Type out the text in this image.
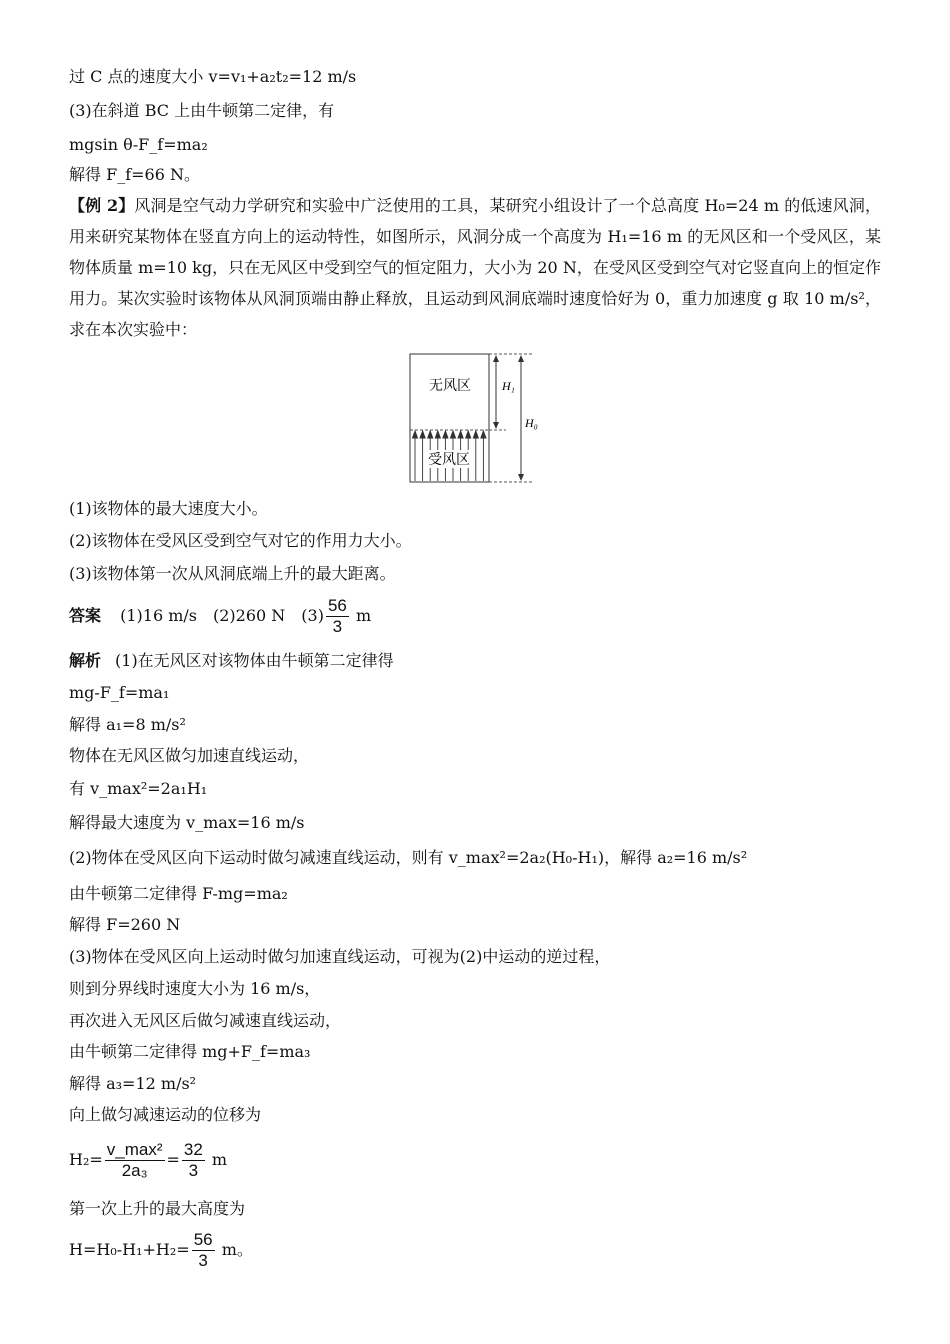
过 C 点的速度大小 v=v₁+a₂t₂=12 m/s
(3)在斜道 BC 上由牛顿第二定律，有
mgsin θ-F_f=ma₂
解得 F_f=66 N。
【例 2】风洞是空气动力学研究和实验中广泛使用的工具，某研究小组设计了一个总高度 H₀=24 m 的低速风洞，用来研究某物体在竖直方向上的运动特性，如图所示，风洞分成一个高度为 H₁=16 m 的无风区和一个受风区，某物体质量 m=10 kg，只在无风区中受到空气的恒定阻力，大小为 20 N，在受风区受到空气对它竖直向上的恒定作用力。某次实验时该物体从风洞顶端由静止释放，且运动到风洞底端时速度恰好为 0，重力加速度 g 取 10 m/s²，求在本次实验中：
无风区
受风区
H₁
H₀
(1)该物体的最大速度大小。
(2)该物体在受风区受到空气对它的作用力大小。
(3)该物体第一次从风洞底端上升的最大距离。
答案 (1)16 m/s　(2)260 N　$(3) \frac{56}{3}$ m
解析 (1)在无风区对该物体由牛顿第二定律得
mg-F_f=ma₁
解得 a₁=8 m/s²
物体在无风区做匀加速直线运动，
有 v_max²=2a₁H₁
解得最大速度为 v_max=16 m/s
(2)物体在受风区向下运动时做匀减速直线运动，则有 v_max²=2a₂(H₀-H₁)，解得 a₂=16 m/s²
由牛顿第二定律得 F-mg=ma₂
解得 F=260 N
(3)物体在受风区向上运动时做匀加速直线运动，可视为(2)中运动的逆过程，
则到分界线时速度大小为 16 m/s，
再次进入无风区后做匀减速直线运动，
由牛顿第二定律得 mg+F_f=ma₃
解得 a₃=12 m/s²
向上做匀减速运动的位移为
$H_2= \frac{\text{v\_max²}}{\text{2a₃}} = \frac{32}{3}$ m
第一次上升的最大高度为
$H=H_0-H_1+H_2= \frac{56}{3}$ m。
